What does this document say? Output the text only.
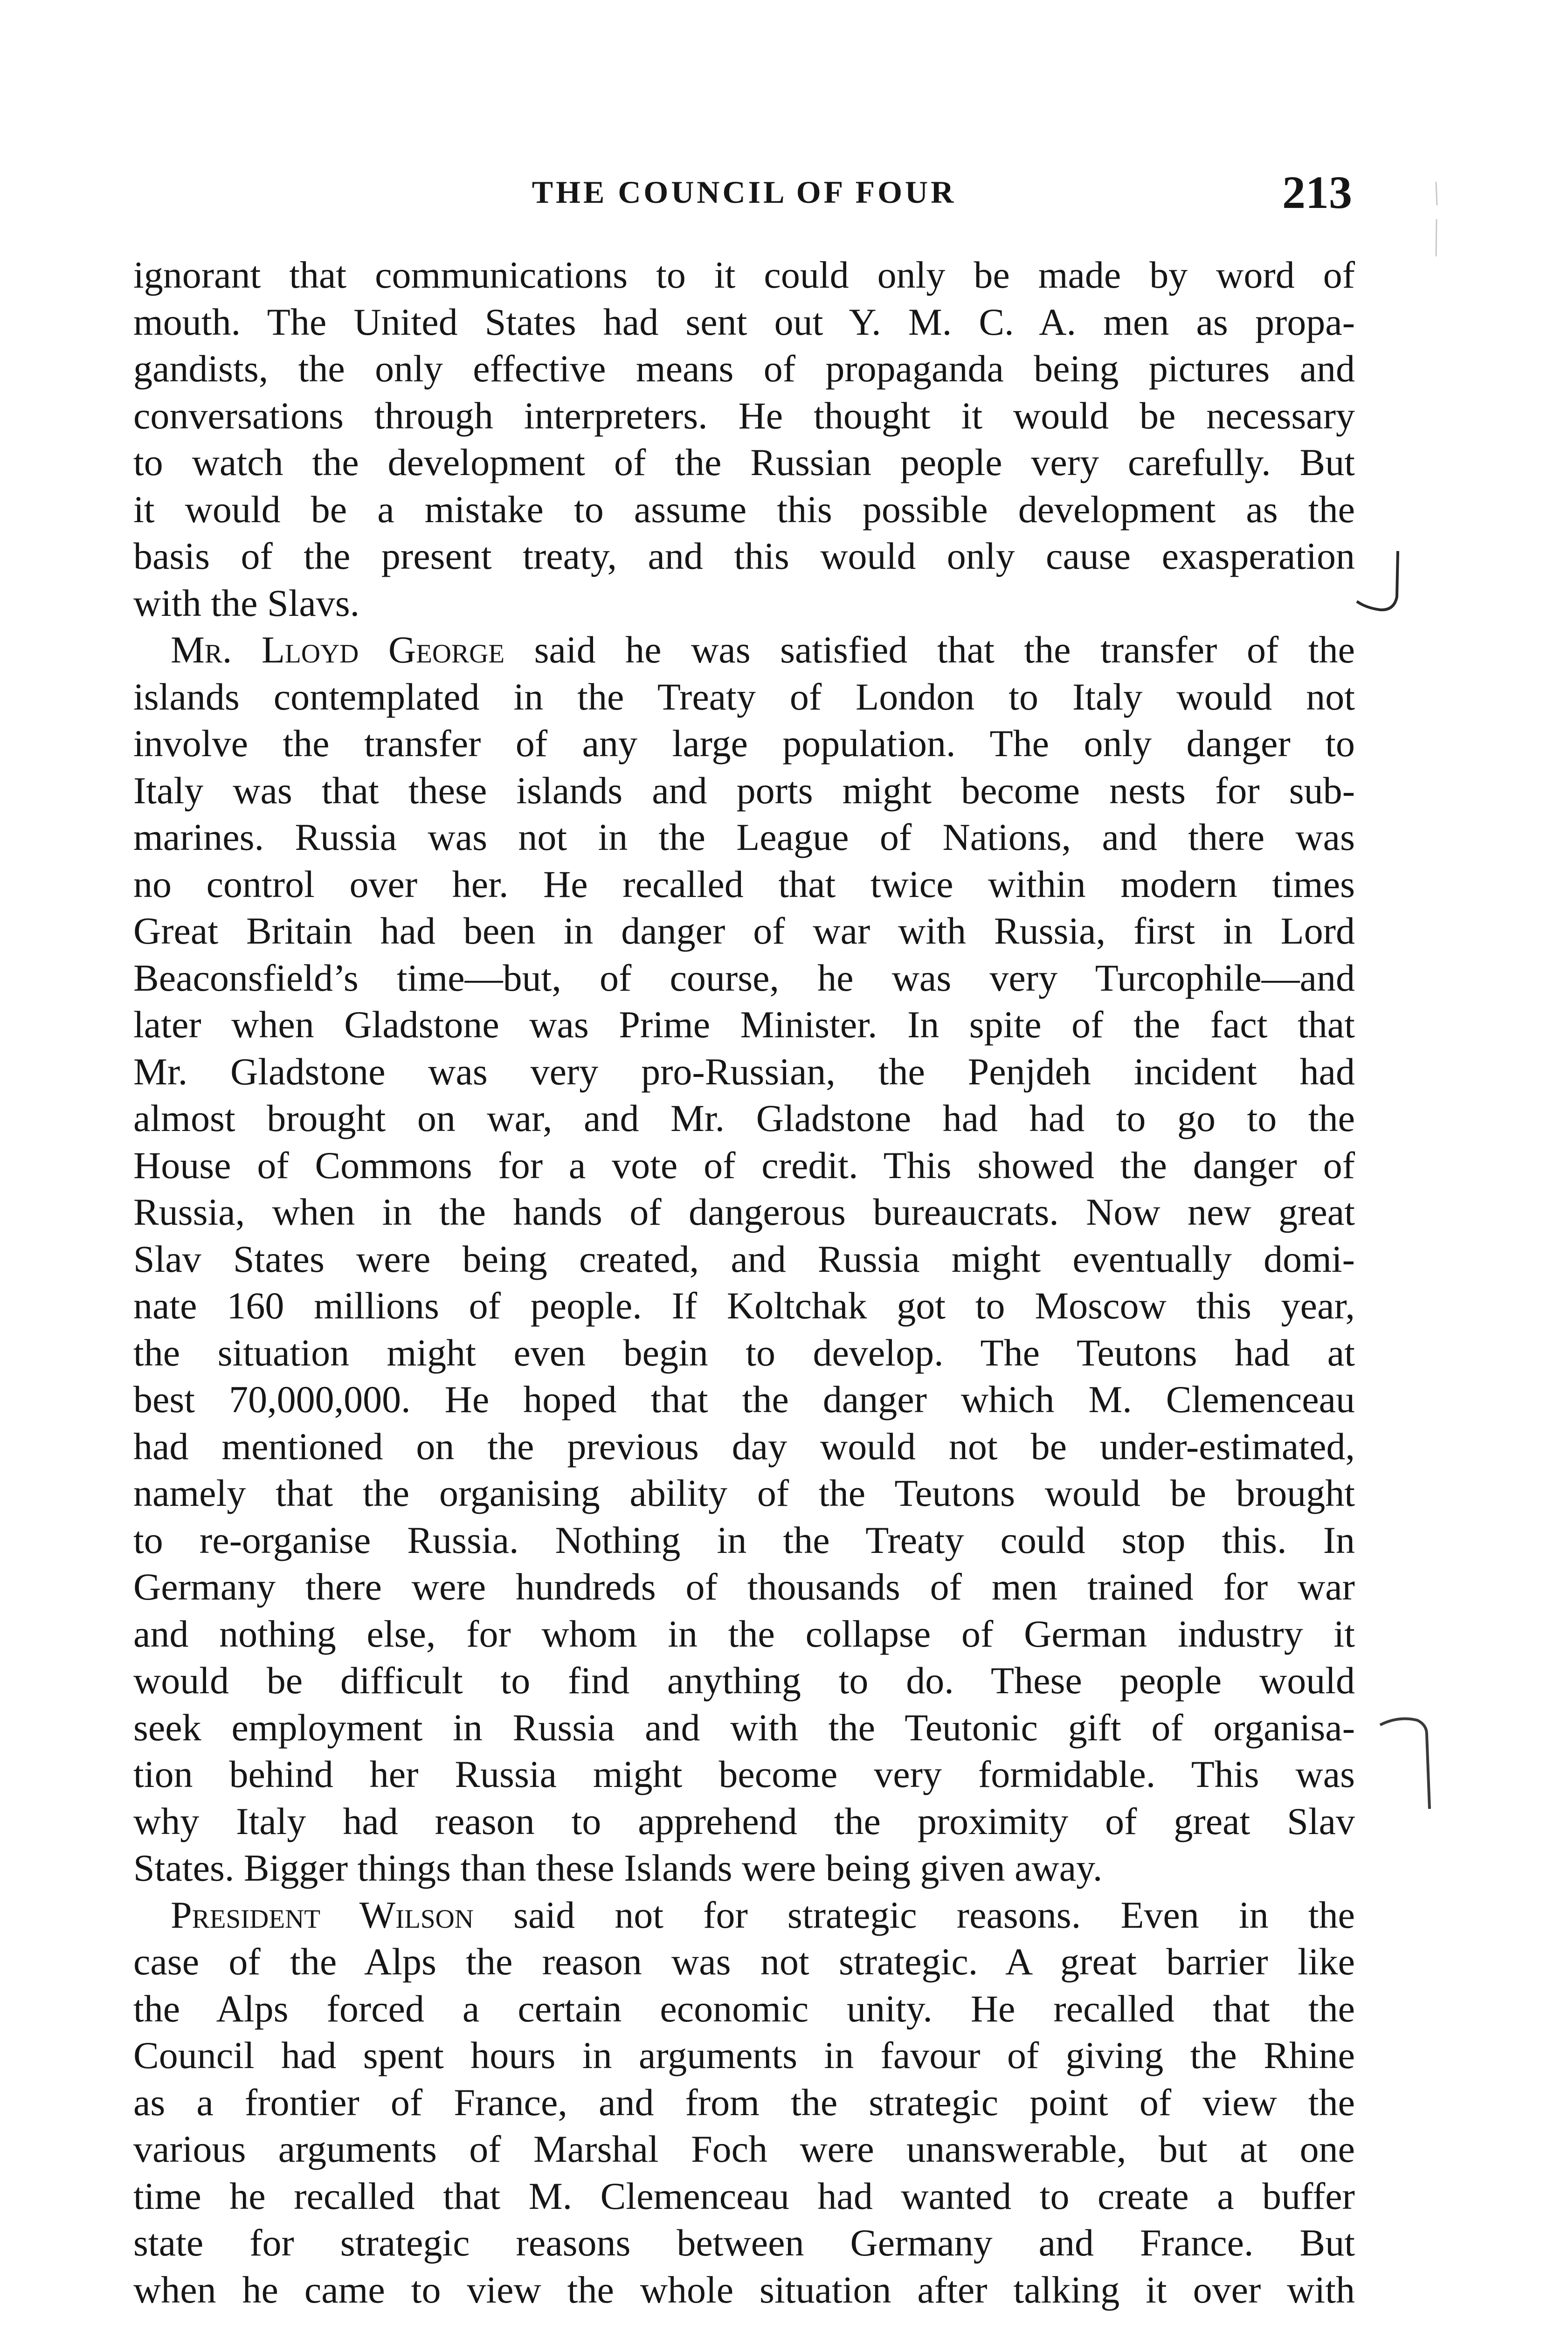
THE COUNCIL OF FOUR	213
ignorant that communications to it could only be made by word of
mouth. The United States had sent out Y. M. C. A. men as propa-
gandists, the only effective means of propaganda being pictures and
conversations through interpreters. He thought it would be necessary
to watch the development of the Russian people very carefully. But
it would be a mistake to assume this possible development as the
basis of the present treaty, and this would only cause exasperation
with the Slavs.
Mr. Lloyd George said he was satisfied that the transfer of the
islands contemplated in the Treaty of London to Italy would not
involve the transfer of any large population. The only danger to
Italy was that these islands and ports might become nests for sub-
marines. Russia was not in the League of Nations, and there was
no control over her. He recalled that twice within modern times
Great Britain had been in danger of war with Russia, first in Lord
Beaconsfield’s time—but, of course, he was very Turcophile—and
later when Gladstone was Prime Minister. In spite of the fact that
Mr. Gladstone was very pro-Russian, the Penjdeh incident had
almost brought on war, and Mr. Gladstone had had to go to the
House of Commons for a vote of credit. This showed the danger of
Russia, when in the hands of dangerous bureaucrats. Now new great
Slav States were being created, and Russia might eventually domi-
nate 160 millions of people. If Koltchak got to Moscow this year,
the situation might even begin to develop. The Teutons had at
best 70,000,000. He hoped that the danger which M. Clemenceau
had mentioned on the previous day would not be under-estimated,
namely that the organising ability of the Teutons would be brought
to re-organise Russia. Nothing in the Treaty could stop this. In
Germany there were hundreds of thousands of men trained for war
and nothing else, for whom in the collapse of German industry it
would be difficult to find anything to do. These people would
seek employment in Russia and with the Teutonic gift of organisa-
tion behind her Russia might become very formidable. This was
why Italy had reason to apprehend the proximity of great Slav
States. Bigger things than these Islands were being given away.
President Wilson said not for strategic reasons. Even in the
case of the Alps the reason was not strategic. A great barrier like
the Alps forced a certain economic unity. He recalled that the
Council had spent hours in arguments in favour of giving the Rhine
as a frontier of France, and from the strategic point of view the
various arguments of Marshal Foch were unanswerable, but at one
time he recalled that M. Clemenceau had wanted to create a buffer
state for strategic reasons between Germany and France. But
when he came to view the whole situation after talking it over with
